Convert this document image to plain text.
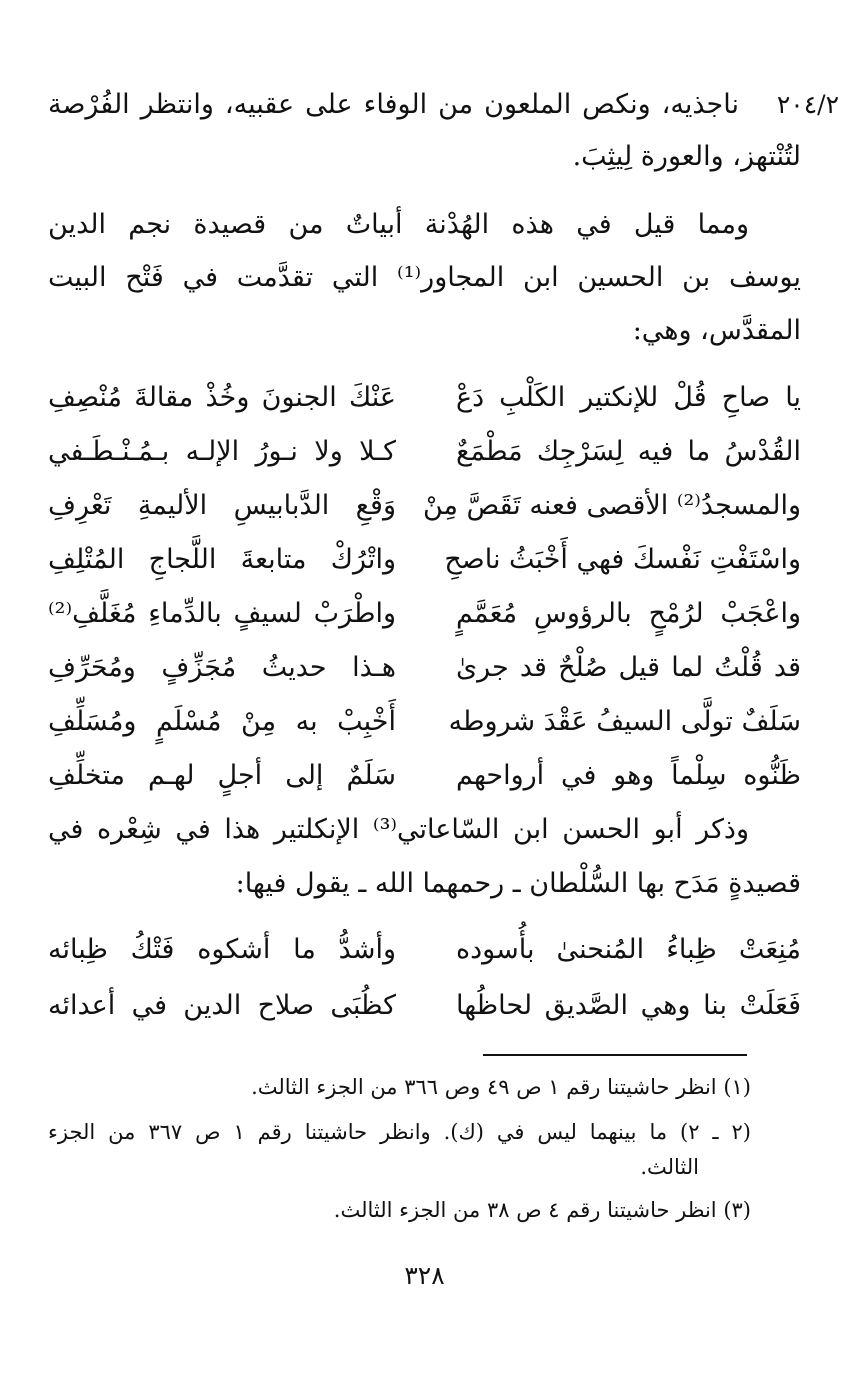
٢٠٤/٢
ناجذيه، ونكص الملعون من الوفاء على عقبيه، وانتظر الفُرْصة
لتُنْتهز، والعورة لِيثِبَ.
ومما قيل في هذه الهُدْنة أبياتٌ من قصيدة نجم الدين
يوسف بن الحسين ابن المجاور⁽¹⁾ التي تقدَّمت في فَتْح البيت
المقدَّس، وهي:
يا صاحِ قُلْ للإنكتير الكَلْبِ دَعْ
عَنْكَ الجنونَ وخُذْ مقالةَ مُنْصِفِ
القُدْسُ ما فيه لِسَرْجِك مَطْمَعٌ
كـلا ولا نـورُ الإلـه بـمُـنْـطَـفي
والمسجدُ⁽²⁾ الأقصى فعنه تَقَصَّ مِنْ
وَقْعِ الدَّبابيسِ الأليمةِ تَعْرِفِ
واسْتَفْتِ نَفْسكَ فهي أَخْبَثُ ناصحِ
واتْرُكْ متابعةَ اللَّجاجِ المُتْلِفِ
واعْجَبْ لرُمْحٍ بالرؤوسِ مُعَمَّمٍ
واطْرَبْ لسيفٍ بالدِّماءِ مُغَلَّفِ⁽²⁾
قد قُلْتُ لما قيل صُلْحٌ قد جرىٰ
هـذا حديثُ مُجَزِّفٍ ومُحَرِّفِ
سَلَفٌ تولَّى السيفُ عَقْدَ شروطه
أَخْبِبْ به مِنْ مُسْلَمٍ ومُسَلِّفِ
ظَنُّوه سِلْماً وهو في أرواحهم
سَلَمٌ إلى أجلٍ لهـم متخلِّفِ
وذكر أبو الحسن ابن السّاعاتي⁽³⁾ الإنكلتير هذا في شِعْره في
قصيدةٍ مَدَح بها السُّلْطان ـ رحمهما الله ـ يقول فيها:
مُنِعَتْ ظِباءُ المُنحنىٰ بأُسوده
وأشدُّ ما أشكوه فَتْكُ ظِبائه
فَعَلَتْ بنا وهي الصَّديق لحاظُها
كظُبَى صلاح الدين في أعدائه
(١) انظر حاشيتنا رقم ١ ص ٤٩ وص ٣٦٦ من الجزء الثالث.
(٢ ـ ٢) ما بينهما ليس في (ك). وانظر حاشيتنا رقم ١ ص ٣٦٧ من الجزء
الثالث.
(٣) انظر حاشيتنا رقم ٤ ص ٣٨ من الجزء الثالث.
٣٢٨
